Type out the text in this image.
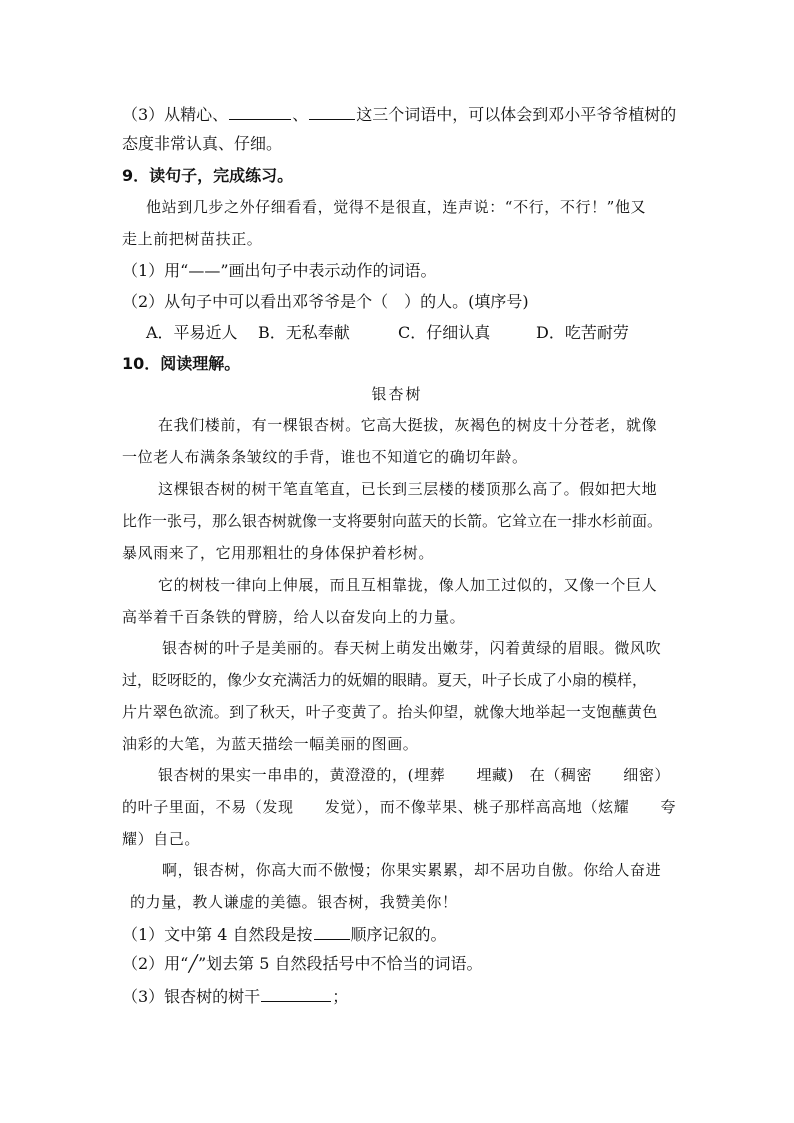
（3）从精心、	、	这三个词语中，可以体会到邓小平爷爷植树的
态度非常认真、仔细。
9．读句子，完成练习。
他站到几步之外仔细看看，觉得不是很直，连声说：“不行，不行！”他又
走上前把树苗扶正。
（1）用“——”画出句子中表示动作的词语。
（2）从句子中可以看出邓爷爷是个（　）的人。(填序号)
A．平易近人 B．无私奉献	C．仔细认真	D．吃苦耐劳
10．阅读理解。
银杏树
在我们楼前，有一棵银杏树。它高大挺拔，灰褐色的树皮十分苍老，就像
一位老人布满条条皱纹的手背，谁也不知道它的确切年龄。
这棵银杏树的树干笔直笔直，已长到三层楼的楼顶那么高了。假如把大地
比作一张弓，那么银杏树就像一支将要射向蓝天的长箭。它耸立在一排水杉前面。
暴风雨来了，它用那粗壮的身体保护着杉树。
它的树枝一律向上伸展，而且互相靠拢，像人加工过似的，又像一个巨人
高举着千百条铁的臂膀，给人以奋发向上的力量。
银杏树的叶子是美丽的。春天树上萌发出嫩芽，闪着黄绿的眉眼。微风吹
过，眨呀眨的，像少女充满活力的妩媚的眼睛。夏天，叶子长成了小扇的模样，
片片翠色欲流。到了秋天，叶子变黄了。抬头仰望，就像大地举起一支饱蘸黄色
油彩的大笔，为蓝天描绘一幅美丽的图画。
银杏树的果实一串串的，黄澄澄的，(埋葬　　埋藏)　在（稠密　　细密）
的叶子里面，不易（发现　　发觉），而不像苹果、桃子那样高高地（炫耀　　夸
耀）自己。
啊，银杏树，你高大而不傲慢；你果实累累，却不居功自傲。你给人奋进
的力量，教人谦虚的美德。银杏树，我赞美你！
（1）文中第 4 自然段是按 顺序记叙的。
（2）用“╱”划去第 5 自然段括号中不恰当的词语。
（3）银杏树的树干	；
